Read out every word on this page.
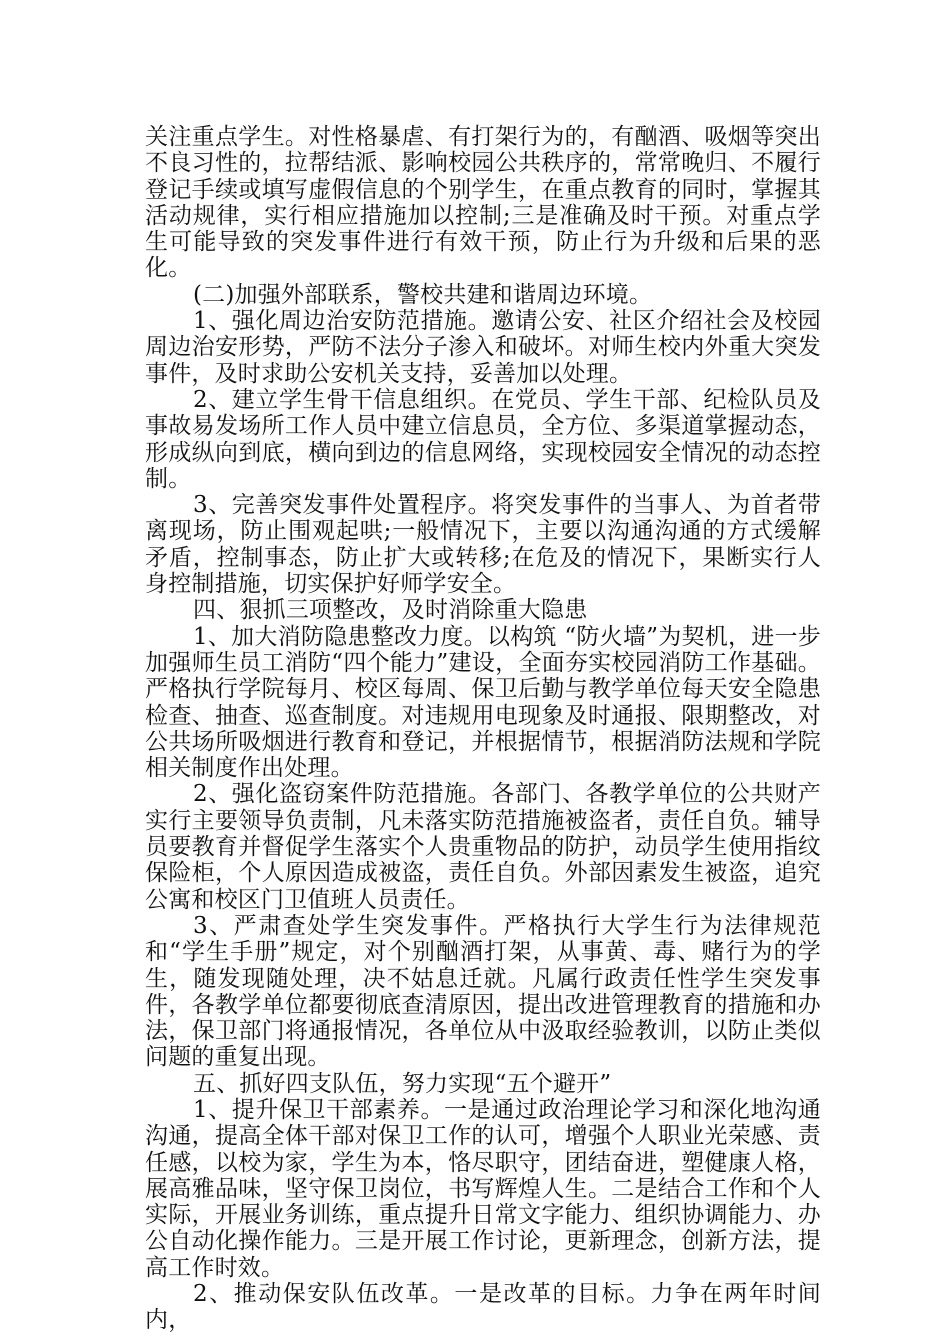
关注重点学生。对性格暴虐、有打架行为的，有酗酒、吸烟等突出不良习性的，拉帮结派、影响校园公共秩序的，常常晚归、不履行登记手续或填写虚假信息的个别学生，在重点教育的同时，掌握其活动规律，实行相应措施加以控制;三是准确及时干预。对重点学生可能导致的突发事件进行有效干预，防止行为升级和后果的恶化。

(二)加强外部联系，警校共建和谐周边环境。

1、强化周边治安防范措施。邀请公安、社区介绍社会及校园周边治安形势，严防不法分子渗入和破坏。对师生校内外重大突发事件，及时求助公安机关支持，妥善加以处理。

2、建立学生骨干信息组织。在党员、学生干部、纪检队员及事故易发场所工作人员中建立信息员，全方位、多渠道掌握动态，形成纵向到底，横向到边的信息网络，实现校园安全情况的动态控制。

3、完善突发事件处置程序。将突发事件的当事人、为首者带离现场，防止围观起哄;一般情况下，主要以沟通沟通的方式缓解矛盾，控制事态，防止扩大或转移;在危及的情况下，果断实行人身控制措施，切实保护好师学安全。

四、狠抓三项整改，及时消除重大隐患

1、加大消防隐患整改力度。以构筑 “防火墙”为契机，进一步加强师生员工消防“四个能力”建设，全面夯实校园消防工作基础。严格执行学院每月、校区每周、保卫后勤与教学单位每天安全隐患检查、抽查、巡查制度。对违规用电现象及时通报、限期整改，对公共场所吸烟进行教育和登记，并根据情节，根据消防法规和学院相关制度作出处理。

2、强化盗窃案件防范措施。各部门、各教学单位的公共财产实行主要领导负责制，凡未落实防范措施被盗者，责任自负。辅导员要教育并督促学生落实个人贵重物品的防护，动员学生使用指纹保险柜，个人原因造成被盗，责任自负。外部因素发生被盗，追究公寓和校区门卫值班人员责任。

3、严肃查处学生突发事件。严格执行大学生行为法律规范和“学生手册”规定，对个别酗酒打架，从事黄、毒、赌行为的学生，随发现随处理，决不姑息迁就。凡属行政责任性学生突发事件，各教学单位都要彻底查清原因，提出改进管理教育的措施和办法，保卫部门将通报情况，各单位从中汲取经验教训，以防止类似问题的重复出现。

五、抓好四支队伍，努力实现“五个避开”

1、提升保卫干部素养。一是通过政治理论学习和深化地沟通沟通，提高全体干部对保卫工作的认可，增强个人职业光荣感、责任感，以校为家，学生为本，恪尽职守，团结奋进，塑健康人格，展高雅品味，坚守保卫岗位，书写辉煌人生。二是结合工作和个人实际，开展业务训练，重点提升日常文字能力、组织协调能力、办公自动化操作能力。三是开展工作讨论，更新理念，创新方法，提高工作时效。

2、推动保安队伍改革。一是改革的目标。力争在两年时间内，
